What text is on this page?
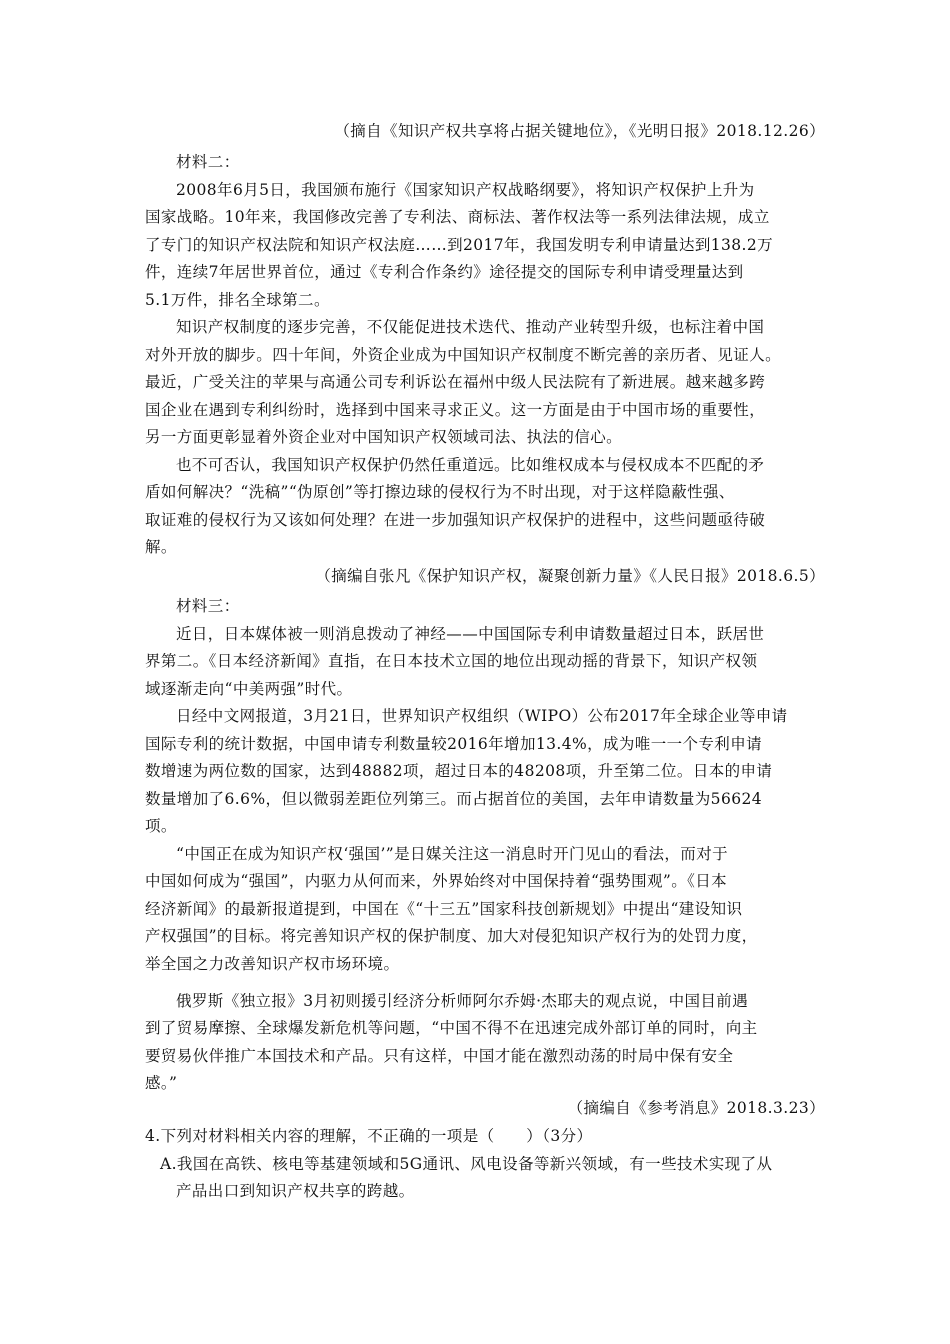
（摘自《知识产权共享将占据关键地位》，《光明日报》2018.12.26）
材料二：
2008年6月5日，我国颁布施行《国家知识产权战略纲要》，将知识产权保护上升为
国家战略。10年来，我国修改完善了专利法、商标法、著作权法等一系列法律法规，成立
了专门的知识产权法院和知识产权法庭……到2017年，我国发明专利申请量达到138.2万
件，连续7年居世界首位，通过《专利合作条约》途径提交的国际专利申请受理量达到
5.1万件，排名全球第二。
知识产权制度的逐步完善，不仅能促进技术迭代、推动产业转型升级，也标注着中国
对外开放的脚步。四十年间，外资企业成为中国知识产权制度不断完善的亲历者、见证人。
最近，广受关注的苹果与高通公司专利诉讼在福州中级人民法院有了新进展。越来越多跨
国企业在遇到专利纠纷时，选择到中国来寻求正义。这一方面是由于中国市场的重要性，
另一方面更彰显着外资企业对中国知识产权领域司法、执法的信心。
也不可否认，我国知识产权保护仍然任重道远。比如维权成本与侵权成本不匹配的矛
盾如何解决？“洗稿”“伪原创”等打擦边球的侵权行为不时出现，对于这样隐蔽性强、
取证难的侵权行为又该如何处理？在进一步加强知识产权保护的进程中，这些问题亟待破
解。
（摘编自张凡《保护知识产权，凝聚创新力量》《人民日报》2018.6.5）
材料三：
近日，日本媒体被一则消息拨动了神经——中国国际专利申请数量超过日本，跃居世
界第二。《日本经济新闻》直指，在日本技术立国的地位出现动摇的背景下，知识产权领
域逐渐走向“中美两强”时代。
日经中文网报道，3月21日，世界知识产权组织（WIPO）公布2017年全球企业等申请
国际专利的统计数据，中国申请专利数量较2016年增加13.4%，成为唯一一个专利申请
数增速为两位数的国家，达到48882项，超过日本的48208项，升至第二位。日本的申请
数量增加了6.6%，但以微弱差距位列第三。而占据首位的美国，去年申请数量为56624
项。
“中国正在成为知识产权‘强国’”是日媒关注这一消息时开门见山的看法，而对于
中国如何成为“强国”，内驱力从何而来，外界始终对中国保持着“强势围观”。《日本
经济新闻》的最新报道提到，中国在《“十三五”国家科技创新规划》中提出“建设知识
产权强国”的目标。将完善知识产权的保护制度、加大对侵犯知识产权行为的处罚力度，
举全国之力改善知识产权市场环境。
俄罗斯《独立报》3月初则援引经济分析师阿尔乔姆·杰耶夫的观点说，中国目前遇
到了贸易摩擦、全球爆发新危机等问题，“中国不得不在迅速完成外部订单的同时，向主
要贸易伙伴推广本国技术和产品。只有这样，中国才能在激烈动荡的时局中保有安全
感。”
（摘编自《参考消息》2018.3.23）
4.下列对材料相关内容的理解，不正确的一项是（　　）（3分）
A.我国在高铁、核电等基建领域和5G通讯、风电设备等新兴领域，有一些技术实现了从
产品出口到知识产权共享的跨越。
